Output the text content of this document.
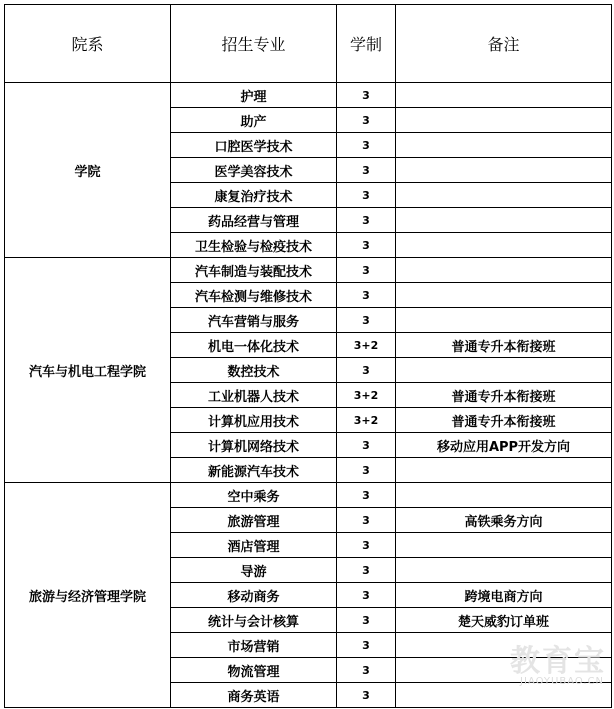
院系	招生专业	学制	备注
学院	护理	3	
	助产	3	
	口腔医学技术	3	
	医学美容技术	3	
	康复治疗技术	3	
	药品经营与管理	3	
	卫生检验与检疫技术	3	
汽车与机电工程学院	汽车制造与装配技术	3	
	汽车检测与维修技术	3	
	汽车营销与服务	3	
	机电一体化技术	3+2	普通专升本衔接班
	数控技术	3	
	工业机器人技术	3+2	普通专升本衔接班
	计算机应用技术	3+2	普通专升本衔接班
	计算机网络技术	3	移动应用APP开发方向
	新能源汽车技术	3	
旅游与经济管理学院	空中乘务	3	
	旅游管理	3	高铁乘务方向
	酒店管理	3	
	导游	3	
	移动商务	3	跨境电商方向
	统计与会计核算	3	楚天威豹订单班
	市场营销	3	
	物流管理	3	
	商务英语	3	
教育宝
JIAOYUBAO.CN
